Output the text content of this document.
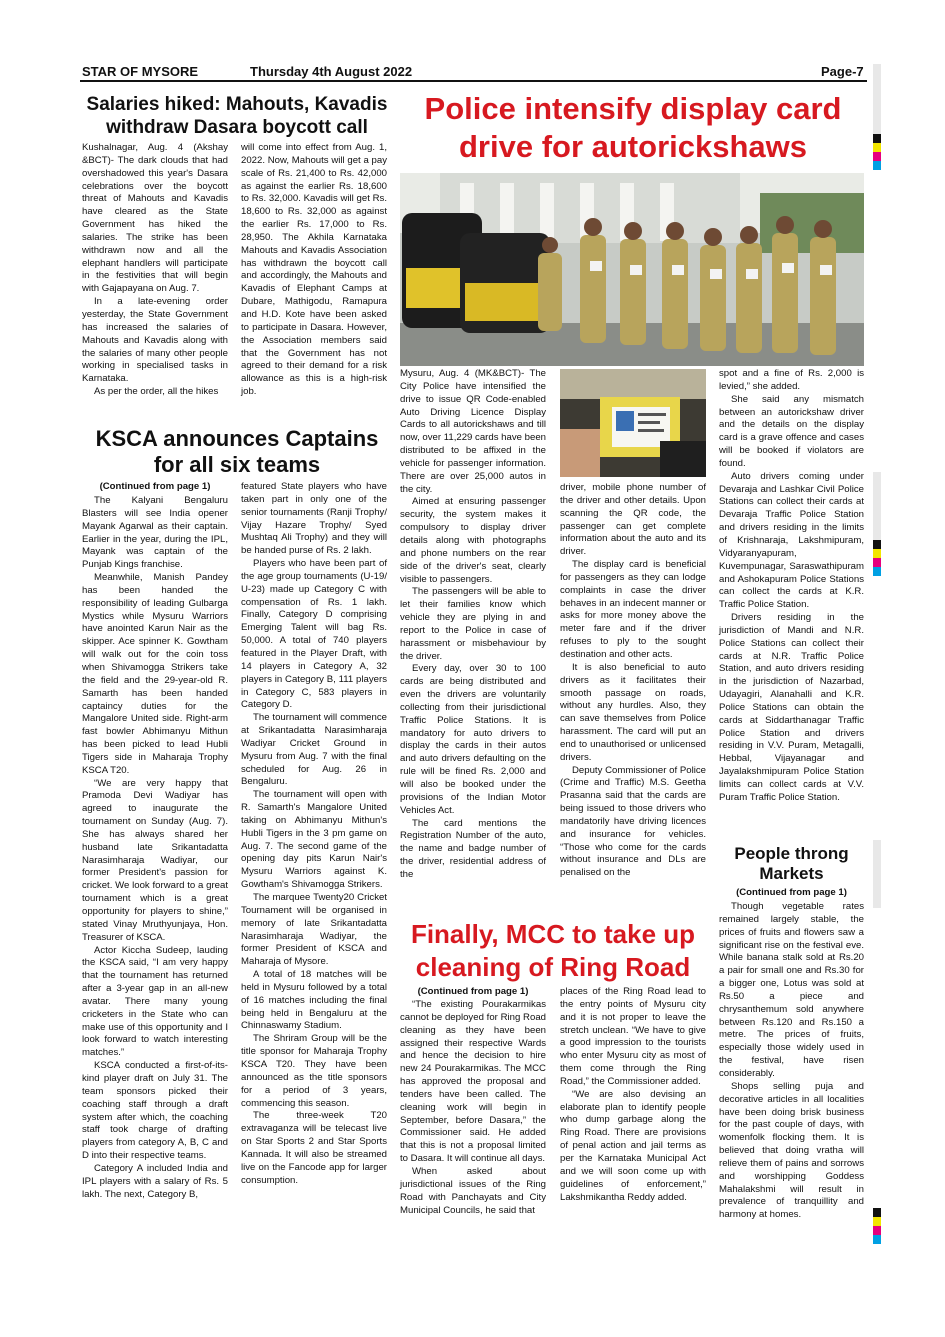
STAR OF MYSORE	Thursday 4th August 2022	Page-7
Salaries hiked: Mahouts, Kavadis withdraw Dasara boycott call

Kushalnagar, Aug. 4 (Akshay &BCT)- The dark clouds that had overshadowed this year's Dasara celebrations over the boycott threat of Mahouts and Kavadis have cleared as the State Government has hiked the salaries. The strike has been withdrawn now and all the elephant handlers will participate in the festivities that will begin with Gajapayana on Aug. 7.

In a late-evening order yesterday, the State Government has increased the salaries of Mahouts and Kavadis along with the salaries of many other people working in specialised tasks in Karnataka.

As per the order, all the hikes

will come into effect from Aug. 1, 2022. Now, Mahouts will get a pay scale of Rs. 21,400 to Rs. 42,000 as against the earlier Rs. 18,600 to Rs. 32,000. Kavadis will get Rs. 18,600 to Rs. 32,000 as against the earlier Rs. 17,000 to Rs. 28,950. The Akhila Karnataka Mahouts and Kavadis Association has withdrawn the boycott call and accordingly, the Mahouts and Kavadis of Elephant Camps at Dubare, Mathigodu, Ramapura and H.D. Kote have been asked to participate in Dasara. However, the Association members said that the Government has not agreed to their demand for a risk allowance as this is a high-risk job.

KSCA announces Captains for all six teams
(Continued from page 1)

The Kalyani Bengaluru Blasters will see India opener Mayank Agarwal as their captain. Earlier in the year, during the IPL, Mayank was captain of the Punjab Kings franchise.

Meanwhile, Manish Pandey has been handed the responsibility of leading Gulbarga Mystics while Mysuru Warriors have anointed Karun Nair as the skipper. Ace spinner K. Gowtham will walk out for the coin toss when Shivamogga Strikers take the field and the 29-year-old R. Samarth has been handed captaincy duties for the Mangalore United side. Right-arm fast bowler Abhimanyu Mithun has been picked to lead Hubli Tigers side in Maharaja Trophy KSCA T20.

“We are very happy that Pramoda Devi Wadiyar has agreed to inaugurate the tournament on Sunday (Aug. 7). She has always shared her husband late Srikantadatta Narasimharaja Wadiyar, our former President's passion for cricket. We look forward to a great tournament which is a great opportunity for players to shine,” stated Vinay Mruthyunjaya, Hon. Treasurer of KSCA.

Actor Kiccha Sudeep, lauding the KSCA said, “I am very happy that the tournament has returned after a 3-year gap in an all-new avatar. There many young cricketers in the State who can make use of this opportunity and I look forward to watch interesting matches.”

KSCA conducted a first-of-its-kind player draft on July 31. The team sponsors picked their coaching staff through a draft system after which, the coaching staff took charge of drafting players from category A, B, C and D into their respective teams.

Category A included India and IPL players with a salary of Rs. 5 lakh. The next, Category B,

featured State players who have taken part in only one of the senior tournaments (Ranji Trophy/ Vijay Hazare Trophy/ Syed Mushtaq Ali Trophy) and they will be handed purse of Rs. 2 lakh.

Players who have been part of the age group tournaments (U-19/ U-23) made up Category C with compensation of Rs. 1 lakh. Finally, Category D comprising Emerging Talent will bag Rs. 50,000. A total of 740 players featured in the Player Draft, with 14 players in Category A, 32 players in Category B, 111 players in Category C, 583 players in Category D.

The tournament will commence at Srikantadatta Narasimharaja Wadiyar Cricket Ground in Mysuru from Aug. 7 with the final scheduled for Aug. 26 in Bengaluru.

The tournament will open with R. Samarth's Mangalore United taking on Abhimanyu Mithun's Hubli Tigers in the 3 pm game on Aug. 7. The second game of the opening day pits Karun Nair's Mysuru Warriors against K. Gowtham's Shivamogga Strikers.

The marquee Twenty20 Cricket Tournament will be organised in memory of late Srikantadatta Narasimharaja Wadiyar, the former President of KSCA and Maharaja of Mysore.

A total of 18 matches will be held in Mysuru followed by a total of 16 matches including the final being held in Bengaluru at the Chinnaswamy Stadium.

The Shriram Group will be the title sponsor for Maharaja Trophy KSCA T20. They have been announced as the title sponsors for a period of 3 years, commencing this season.

The three-week T20 extravaganza will be telecast live on Star Sports 2 and Star Sports Kannada. It will also be streamed live on the Fancode app for larger consumption.

Police intensify display card drive for autorickshaws

Mysuru, Aug. 4 (MK&BCT)- The City Police have intensified the drive to issue QR Code-enabled Auto Driving Licence Display Cards to all autorickshaws and till now, over 11,229 cards have been distributed to be affixed in the vehicle for passenger information. There are over 25,000 autos in the city.

Aimed at ensuring passenger security, the system makes it compulsory to display driver details along with photographs and phone numbers on the rear side of the driver's seat, clearly visible to passengers.

The passengers will be able to let their families know which vehicle they are plying in and report to the Police in case of harassment or misbehaviour by the driver.

Every day, over 30 to 100 cards are being distributed and even the drivers are voluntarily collecting from their jurisdictional Traffic Police Stations. It is mandatory for auto drivers to display the cards in their autos and auto drivers defaulting on the rule will be fined Rs. 2,000 and will also be booked under the provisions of the Indian Motor Vehicles Act.

The card mentions the Registration Number of the auto, the name and badge number of the driver, residential address of the

driver, mobile phone number of the driver and other details. Upon scanning the QR code, the passenger can get complete information about the auto and its driver.

The display card is beneficial for passengers as they can lodge complaints in case the driver behaves in an indecent manner or asks for more money above the meter fare and if the driver refuses to ply to the sought destination and other acts.

It is also beneficial to auto drivers as it facilitates their smooth passage on roads, without any hurdles. Also, they can save themselves from Police harassment. The card will put an end to unauthorised or unlicensed drivers.

Deputy Commissioner of Police (Crime and Traffic) M.S. Geetha Prasanna said that the cards are being issued to those drivers who mandatorily have driving licences and insurance for vehicles. “Those who come for the cards without insurance and DLs are penalised on the

spot and a fine of Rs. 2,000 is levied,” she added.

She said any mismatch between an autorickshaw driver and the details on the display card is a grave offence and cases will be booked if violators are found.

Auto drivers coming under Devaraja and Lashkar Civil Police Stations can collect their cards at Devaraja Traffic Police Station and drivers residing in the limits of Krishnaraja, Lakshmipuram, Vidyaranyapuram, Kuvempunagar, Saraswathipuram and Ashokapuram Police Stations can collect the cards at K.R. Traffic Police Station.

Drivers residing in the jurisdiction of Mandi and N.R. Police Stations can collect their cards at N.R. Traffic Police Station, and auto drivers residing in the jurisdiction of Nazarbad, Udayagiri, Alanahalli and K.R. Police Stations can obtain the cards at Siddarthanagar Traffic Police Station and drivers residing in V.V. Puram, Metagalli, Hebbal, Vijayanagar and Jayalakshmipuram Police Station limits can collect cards at V.V. Puram Traffic Police Station.

People throng Markets
(Continued from page 1)

Though vegetable rates remained largely stable, the prices of fruits and flowers saw a significant rise on the festival eve. While banana stalk sold at Rs.20 a pair for small one and Rs.30 for a bigger one, Lotus was sold at Rs.50 a piece and chrysanthemum sold anywhere between Rs.120 and Rs.150 a metre. The prices of fruits, especially those widely used in the festival, have risen considerably.

Shops selling puja and decorative articles in all localities have been doing brisk business for the past couple of days, with womenfolk flocking them. It is believed that doing vratha will relieve them of pains and sorrows and worshipping Goddess Mahalakshmi will result in prevalence of tranquillity and harmony at homes.

Finally, MCC to take up cleaning of Ring Road
(Continued from page 1)

“The existing Pourakarmikas cannot be deployed for Ring Road cleaning as they have been assigned their respective Wards and hence the decision to hire new 24 Pourakarmikas. The MCC has approved the proposal and tenders have been called. The cleaning work will begin in September, before Dasara,” the Commissioner said. He added that this is not a proposal limited to Dasara. It will continue all days.

When asked about jurisdictional issues of the Ring Road with Panchayats and City Municipal Councils, he said that

places of the Ring Road lead to the entry points of Mysuru city and it is not proper to leave the stretch unclean. “We have to give a good impression to the tourists who enter Mysuru city as most of them come through the Ring Road,” the Commissioner added.

“We are also devising an elaborate plan to identify people who dump garbage along the Ring Road. There are provisions of penal action and jail terms as per the Karnataka Municipal Act and we will soon come up with guidelines of enforcement,” Lakshmikantha Reddy added.
